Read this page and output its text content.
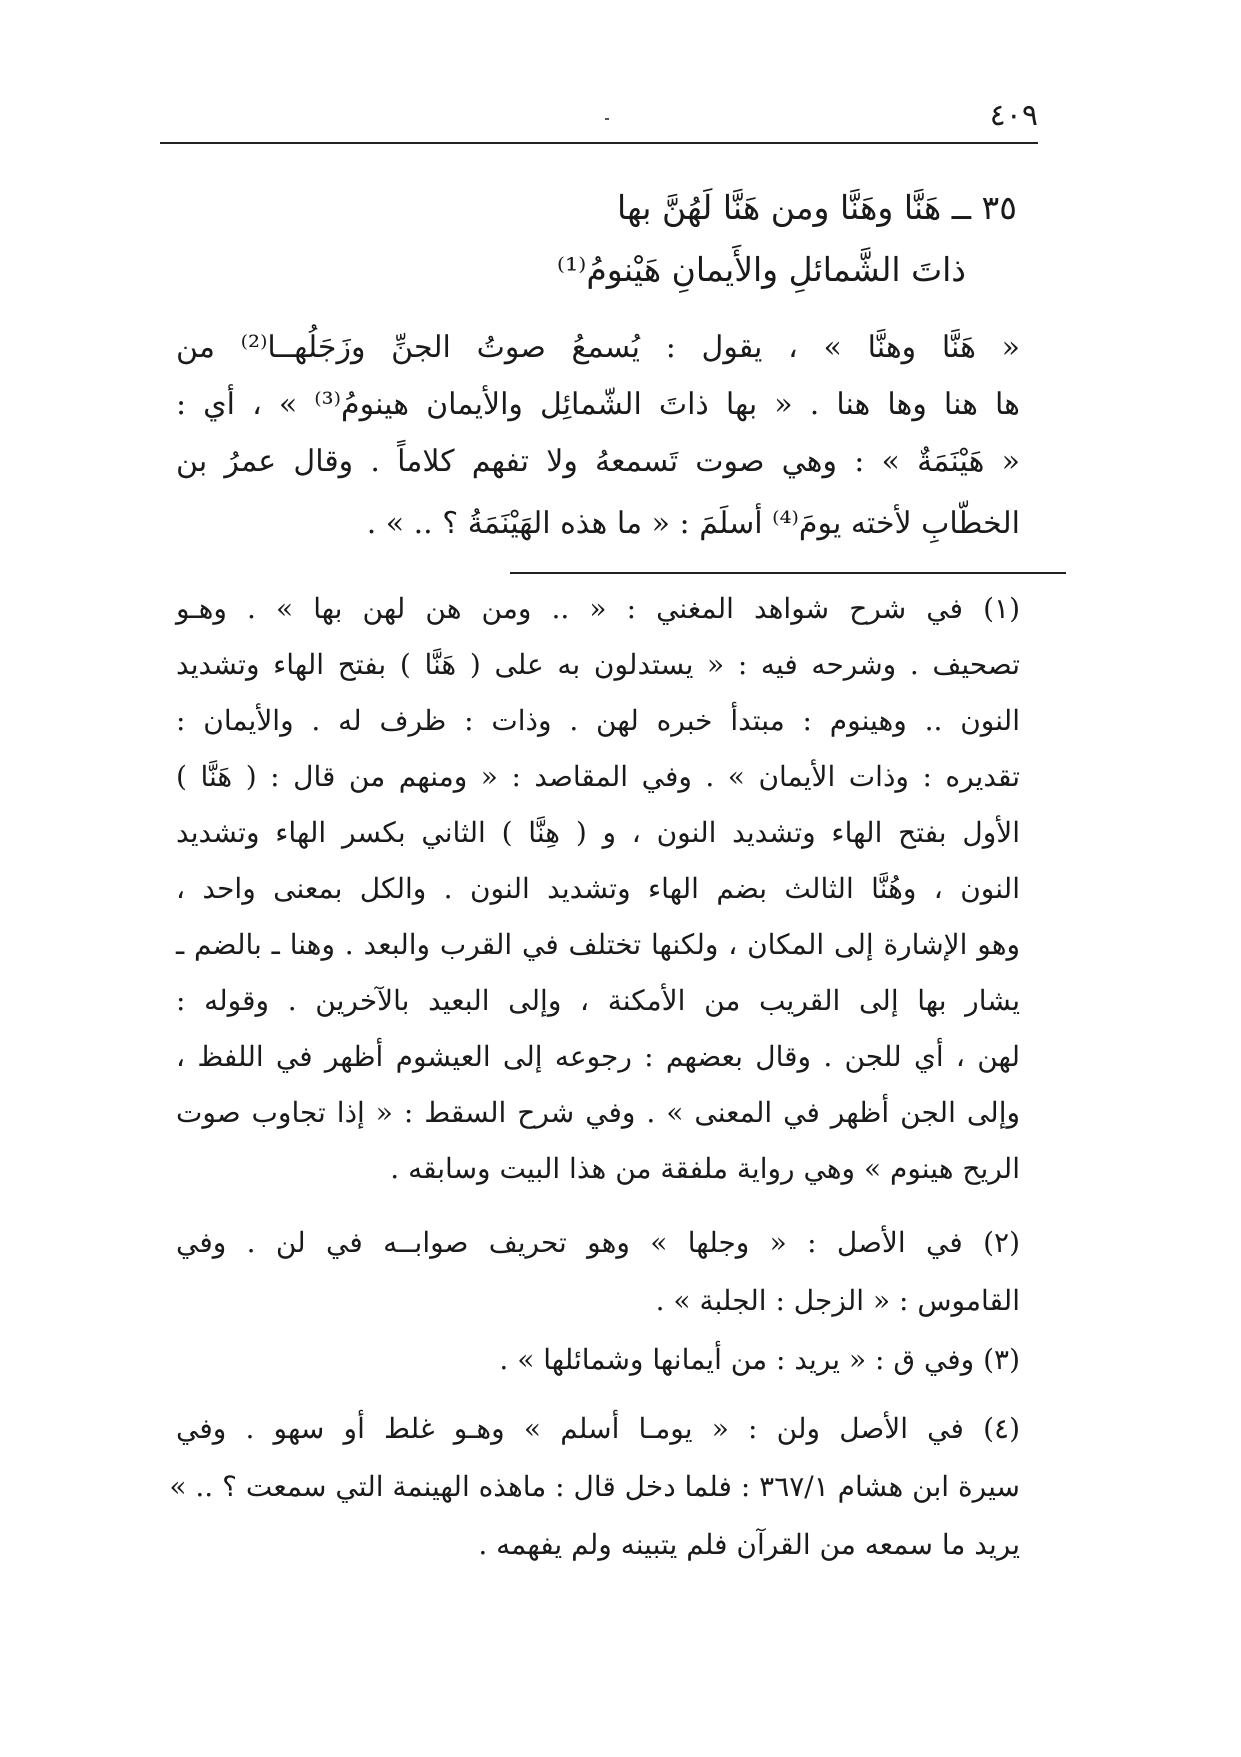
٤٠٩
٣٥ ــ هَنَّا وهَنَّا ومن هَنَّا لَهُنَّ بها
ذاتَ الشَّمائلِ والأَيمانِ هَيْنومُ⁽¹⁾
« هَنَّا وهنَّا » ، يقول : يُسمعُ صوتُ الجنِّ وزَجَلُهــا⁽²⁾ من
ها هنا وها هنا . « بها ذاتَ الشّمائِل والأيمان هينومُ⁽³⁾ » ، أي :
« هَيْنَمَةٌ » : وهي صوت تَسمعهُ ولا تفهم كلاماً . وقال عمرُ بن
الخطّابِ لأخته يومَ⁽⁴⁾ أسلَمَ : « ما هذه الهَيْنَمَةُ ؟ .. » .
(١) في شرح شواهد المغني : « .. ومن هن لهن بها » . وهـو
تصحيف . وشرحه فيه : « يستدلون به على ( هَنَّا ) بفتح الهاء وتشديد
النون .. وهينوم : مبتدأ خبره لهن . وذات : ظرف له . والأيمان :
تقديره : وذات الأيمان » . وفي المقاصد : « ومنهم من قال : ( هَنَّا )
الأول بفتح الهاء وتشديد النون ، و ( هِنَّا ) الثاني بكسر الهاء وتشديد
النون ، وهُنَّا الثالث بضم الهاء وتشديد النون . والكل بمعنى واحد ،
وهو الإشارة إلى المكان ، ولكنها تختلف في القرب والبعد . وهنا ـ بالضم ـ
يشار بها إلى القريب من الأمكنة ، وإلى البعيد بالآخرين . وقوله :
لهن ، أي للجن . وقال بعضهم : رجوعه إلى العيشوم أظهر في اللفظ ،
وإلى الجن أظهر في المعنى » . وفي شرح السقط : « إذا تجاوب صوت
الريح هينوم » وهي رواية ملفقة من هذا البيت وسابقه .
(٢) في الأصل : « وجلها » وهو تحريف صوابــه في لن . وفي
القاموس : « الزجل : الجلبة » .
(٣) وفي ق : « يريد : من أيمانها وشمائلها » .
(٤) في الأصل ولن : « يومـا أسلم » وهـو غلط أو سهو . وفي
سيرة ابن هشام ٣٦٧/١ : فلما دخل قال : ماهذه الهينمة التي سمعت ؟ .. »
يريد ما سمعه من القرآن فلم يتبينه ولم يفهمه .
